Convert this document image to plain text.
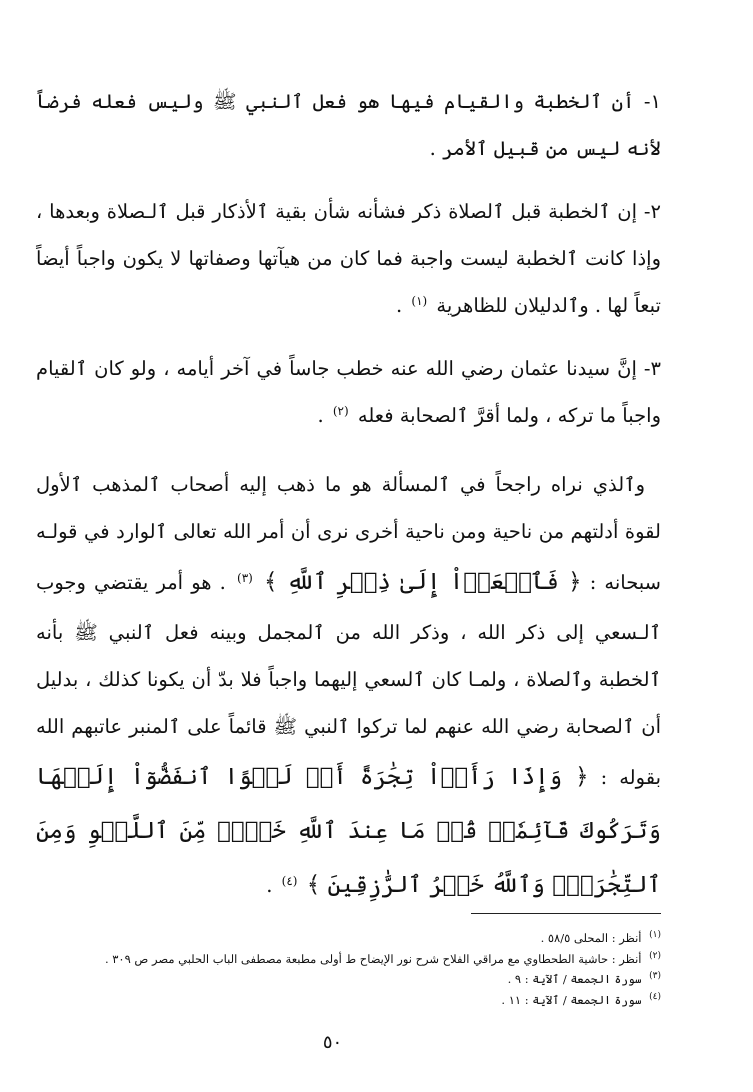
١- أن ٱلخطبة والقيام فيها هو فعل ٱلنبي ﷺ وليس فعله فرضاً لأنه ليس من قبيل ٱلأمر .

٢- إن ٱلخطبة قبل ٱلصلاة ذكر فشأنه شأن بقية ٱلأذكار قبل ٱلـصلاة وبعدها ، وإذا كانت ٱلخطبة ليست واجبة فما كان من هيآتها وصفاتها لا يكون واجباً أيضاً تبعاً لها . وٱلدليلان للظاهرية $^{(١)}$ .

٣- إنَّ سيدنا عثمان رضي الله عنه خطب جاساً في آخر أيامه ، ولو كان ٱلقيام واجباً ما تركه ، ولما أقرَّ ٱلصحابة فعله $^{(٢)}$ .

وٱلذي نراه راجحاً في ٱلمسألة هو ما ذهب إليه أصحاب ٱلمذهب ٱلأول لقوة أدلتهم من ناحية ومن ناحية أخرى نرى أن أمر الله تعالى ٱلوارد في قولـه سبحانه : ﴿ فَٱسۡعَوۡاْ إِلَىٰ ذِكۡرِ ٱللَّهِ ﴾ $^{(٣)}$ . هو أمر يقتضي وجوب ٱلـسعي إلى ذكر الله ، وذكر الله من ٱلمجمل وبينه فعل ٱلنبي ﷺ بأنه ٱلخطبة وٱلصلاة ، ولمـا كان ٱلسعي إليهما واجباً فلا بدّ أن يكونا كذلك ، بدليل أن ٱلصحابة رضي الله عنهم لما تركوا ٱلنبي ﷺ قائماً على ٱلمنبر عاتبهم الله بقوله : ﴿ وَإِذَا رَأَوۡاْ تِجَٰرَةً أَوۡ لَهۡوًا ٱنفَضُّوٓاْ إِلَيۡهَا وَتَرَكُوكَ قَآئِمٗاۚ قُلۡ مَا عِندَ ٱللَّهِ خَيۡرٞ مِّنَ ٱللَّهۡوِ وَمِنَ ٱلتِّجَٰرَةِۚ وَٱللَّهُ خَيۡرُ ٱلرَّٰزِقِينَ ﴾ $^{(٤)}$ .

$^{(١)}$ أنظر : المحلى ٥٨/٥ .
$^{(٢)}$ أنظر : حاشية الطحطاوي مع مراقي الفلاح شرح نور الإيضاح ط أولى مطبعة مصطفى الباب الحلبي مصر ص ٣٠٩ .
$^{(٣)}$ سورة الجمعة / ٱلآية : ٩ .
$^{(٤)}$ سورة الجمعة / ٱلآية : ١١ .
٥٠
